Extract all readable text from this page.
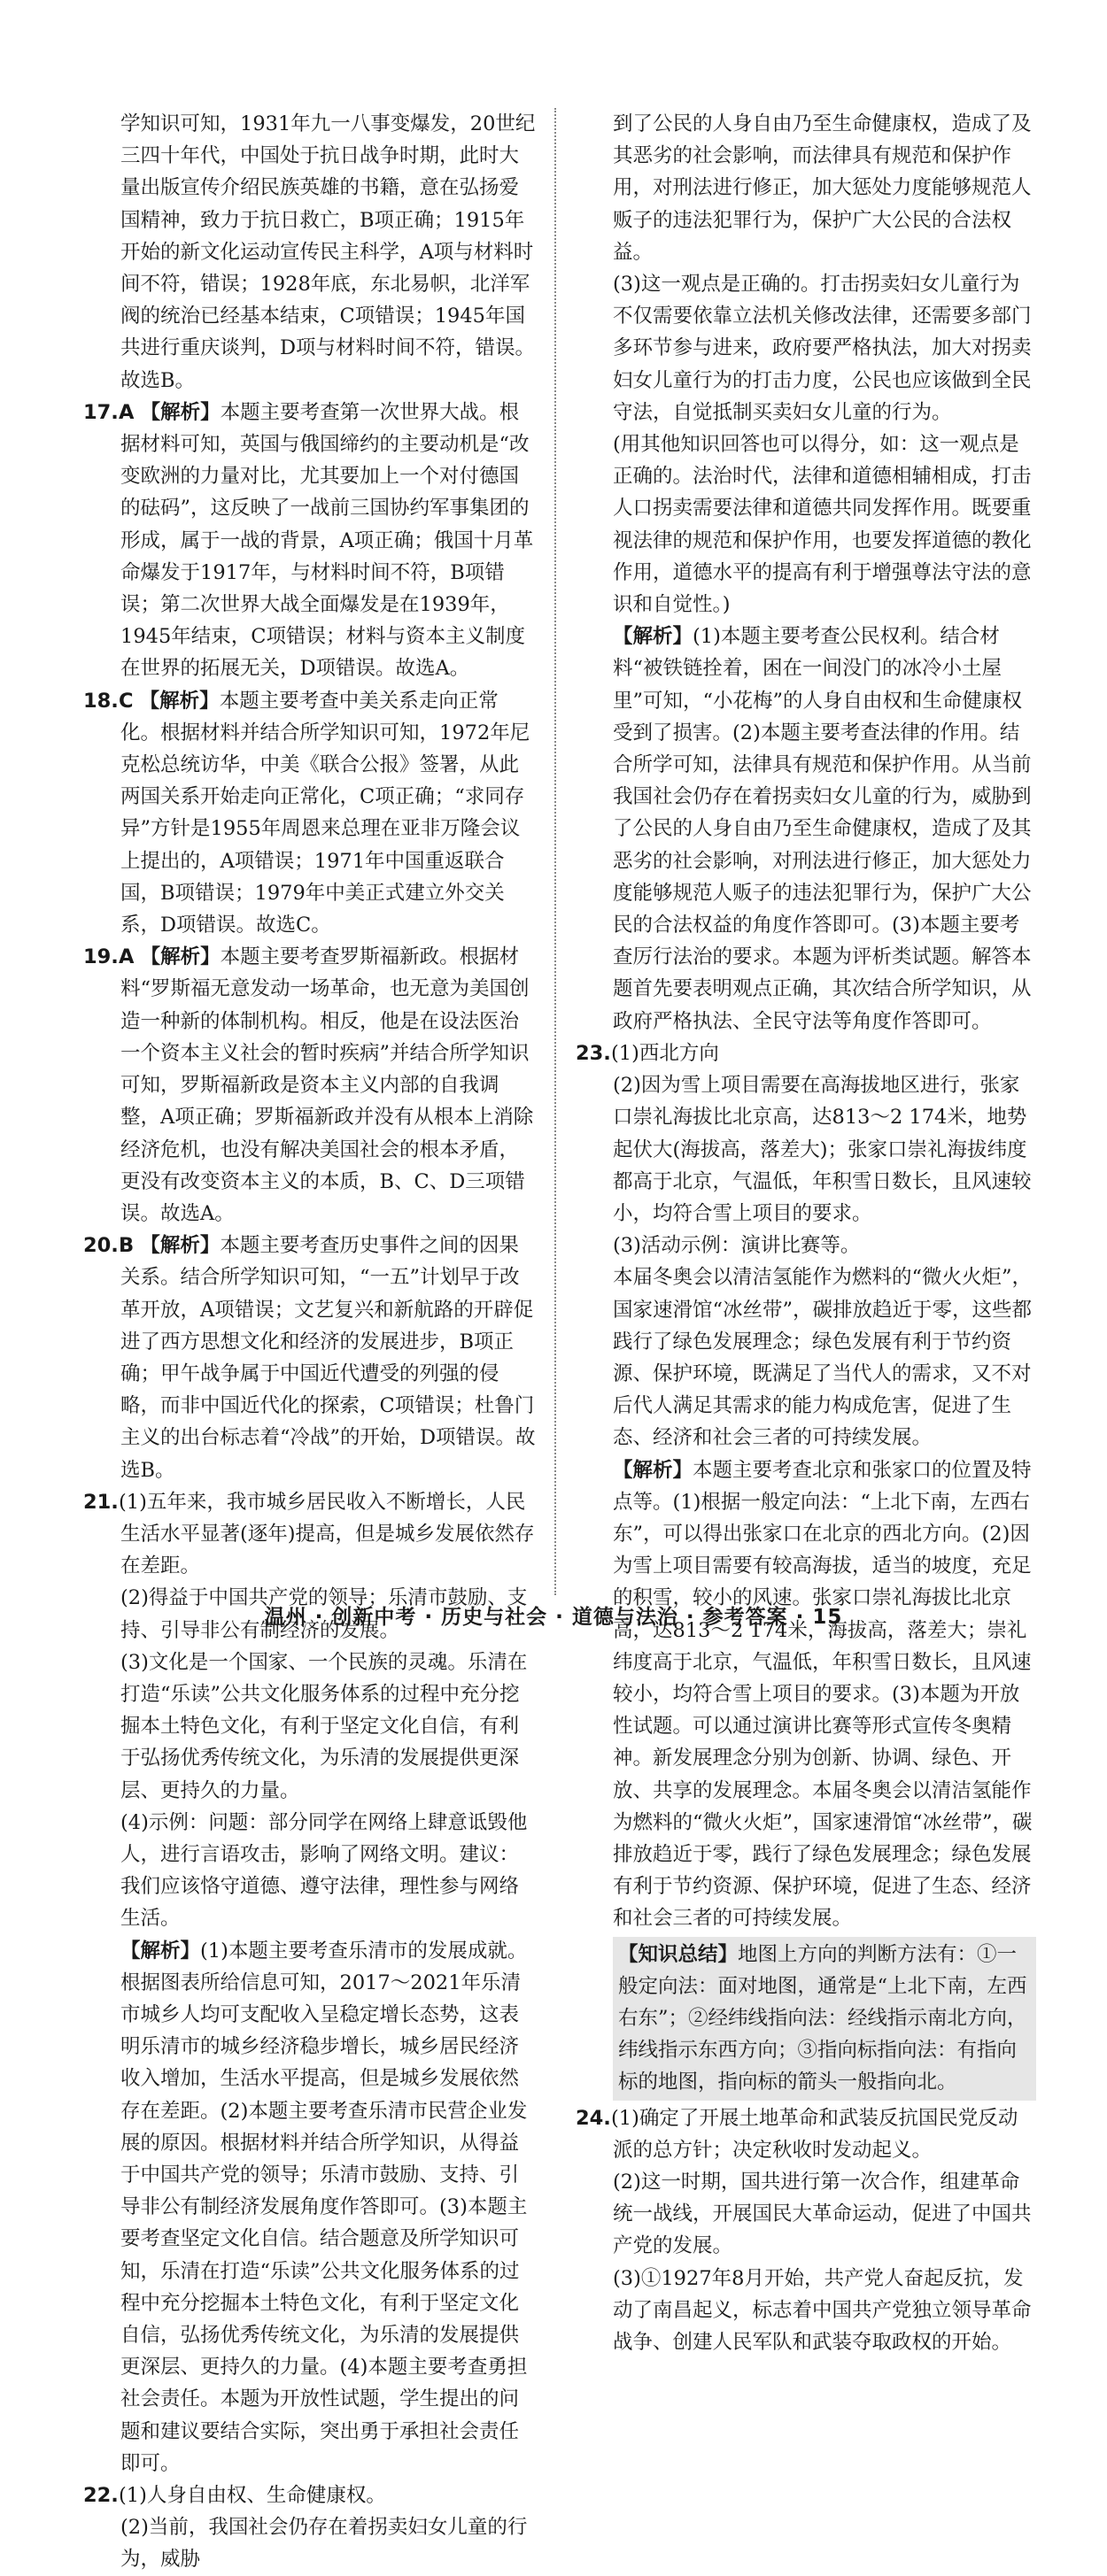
学知识可知，1931年九一八事变爆发，20世纪三四十年代，中国处于抗日战争时期，此时大量出版宣传介绍民族英雄的书籍，意在弘扬爱国精神，致力于抗日救亡，B项正确；1915年开始的新文化运动宣传民主科学，A项与材料时间不符，错误；1928年底，东北易帜，北洋军阀的统治已经基本结束，C项错误；1945年国共进行重庆谈判，D项与材料时间不符，错误。故选B。

17.A 【解析】本题主要考查第一次世界大战。根据材料可知，英国与俄国缔约的主要动机是“改变欧洲的力量对比，尤其要加上一个对付德国的砝码”，这反映了一战前三国协约军事集团的形成，属于一战的背景，A项正确；俄国十月革命爆发于1917年，与材料时间不符，B项错误；第二次世界大战全面爆发是在1939年，1945年结束，C项错误；材料与资本主义制度在世界的拓展无关，D项错误。故选A。

18.C 【解析】本题主要考查中美关系走向正常化。根据材料并结合所学知识可知，1972年尼克松总统访华，中美《联合公报》签署，从此两国关系开始走向正常化，C项正确；“求同存异”方针是1955年周恩来总理在亚非万隆会议上提出的，A项错误；1971年中国重返联合国，B项错误；1979年中美正式建立外交关系，D项错误。故选C。

19.A 【解析】本题主要考查罗斯福新政。根据材料“罗斯福无意发动一场革命，也无意为美国创造一种新的体制机构。相反，他是在设法医治一个资本主义社会的暂时疾病”并结合所学知识可知，罗斯福新政是资本主义内部的自我调整，A项正确；罗斯福新政并没有从根本上消除经济危机，也没有解决美国社会的根本矛盾，更没有改变资本主义的本质，B、C、D三项错误。故选A。

20.B 【解析】本题主要考查历史事件之间的因果关系。结合所学知识可知，“一五”计划早于改革开放，A项错误；文艺复兴和新航路的开辟促进了西方思想文化和经济的发展进步，B项正确；甲午战争属于中国近代遭受的列强的侵略，而非中国近代化的探索，C项错误；杜鲁门主义的出台标志着“冷战”的开始，D项错误。故选B。

21.(1)五年来，我市城乡居民收入不断增长，人民生活水平显著(逐年)提高，但是城乡发展依然存在差距。

(2)得益于中国共产党的领导；乐清市鼓励、支持、引导非公有制经济的发展。

(3)文化是一个国家、一个民族的灵魂。乐清在打造“乐读”公共文化服务体系的过程中充分挖掘本土特色文化，有利于坚定文化自信，有利于弘扬优秀传统文化，为乐清的发展提供更深层、更持久的力量。

(4)示例：问题：部分同学在网络上肆意诋毁他人，进行言语攻击，影响了网络文明。建议：我们应该恪守道德、遵守法律，理性参与网络生活。

【解析】(1)本题主要考查乐清市的发展成就。根据图表所给信息可知，2017～2021年乐清市城乡人均可支配收入呈稳定增长态势，这表明乐清市的城乡经济稳步增长，城乡居民经济收入增加，生活水平提高，但是城乡发展依然存在差距。(2)本题主要考查乐清市民营企业发展的原因。根据材料并结合所学知识，从得益于中国共产党的领导；乐清市鼓励、支持、引导非公有制经济发展角度作答即可。(3)本题主要考查坚定文化自信。结合题意及所学知识可知，乐清在打造“乐读”公共文化服务体系的过程中充分挖掘本土特色文化，有利于坚定文化自信，弘扬优秀传统文化，为乐清的发展提供更深层、更持久的力量。(4)本题主要考查勇担社会责任。本题为开放性试题，学生提出的问题和建议要结合实际，突出勇于承担社会责任即可。

22.(1)人身自由权、生命健康权。

(2)当前，我国社会仍存在着拐卖妇女儿童的行为，威胁

到了公民的人身自由乃至生命健康权，造成了及其恶劣的社会影响，而法律具有规范和保护作用，对刑法进行修正，加大惩处力度能够规范人贩子的违法犯罪行为，保护广大公民的合法权益。

(3)这一观点是正确的。打击拐卖妇女儿童行为不仅需要依靠立法机关修改法律，还需要多部门多环节参与进来，政府要严格执法，加大对拐卖妇女儿童行为的打击力度，公民也应该做到全民守法，自觉抵制买卖妇女儿童的行为。

(用其他知识回答也可以得分，如：这一观点是正确的。法治时代，法律和道德相辅相成，打击人口拐卖需要法律和道德共同发挥作用。既要重视法律的规范和保护作用，也要发挥道德的教化作用，道德水平的提高有利于增强尊法守法的意识和自觉性。)

【解析】(1)本题主要考查公民权利。结合材料“被铁链拴着，困在一间没门的冰冷小土屋里”可知，“小花梅”的人身自由权和生命健康权受到了损害。(2)本题主要考查法律的作用。结合所学可知，法律具有规范和保护作用。从当前我国社会仍存在着拐卖妇女儿童的行为，威胁到了公民的人身自由乃至生命健康权，造成了及其恶劣的社会影响，对刑法进行修正，加大惩处力度能够规范人贩子的违法犯罪行为，保护广大公民的合法权益的角度作答即可。(3)本题主要考查厉行法治的要求。本题为评析类试题。解答本题首先要表明观点正确，其次结合所学知识，从政府严格执法、全民守法等角度作答即可。

23.(1)西北方向

(2)因为雪上项目需要在高海拔地区进行，张家口崇礼海拔比北京高，达813～2 174米，地势起伏大(海拔高，落差大)；张家口崇礼海拔纬度都高于北京，气温低，年积雪日数长，且风速较小，均符合雪上项目的要求。

(3)活动示例：演讲比赛等。

本届冬奥会以清洁氢能作为燃料的“微火火炬”，国家速滑馆“冰丝带”，碳排放趋近于零，这些都践行了绿色发展理念；绿色发展有利于节约资源、保护环境，既满足了当代人的需求，又不对后代人满足其需求的能力构成危害，促进了生态、经济和社会三者的可持续发展。

【解析】本题主要考查北京和张家口的位置及特点等。(1)根据一般定向法：“上北下南，左西右东”，可以得出张家口在北京的西北方向。(2)因为雪上项目需要有较高海拔，适当的坡度，充足的积雪，较小的风速。张家口崇礼海拔比北京高，达813～2 174米，海拔高，落差大；崇礼纬度高于北京，气温低，年积雪日数长，且风速较小，均符合雪上项目的要求。(3)本题为开放性试题。可以通过演讲比赛等形式宣传冬奥精神。新发展理念分别为创新、协调、绿色、开放、共享的发展理念。本届冬奥会以清洁氢能作为燃料的“微火火炬”，国家速滑馆“冰丝带”，碳排放趋近于零，践行了绿色发展理念；绿色发展有利于节约资源、保护环境，促进了生态、经济和社会三者的可持续发展。

【知识总结】地图上方向的判断方法有：①一般定向法：面对地图，通常是“上北下南，左西右东”；②经纬线指向法：经线指示南北方向，纬线指示东西方向；③指向标指向法：有指向标的地图，指向标的箭头一般指向北。

24.(1)确定了开展土地革命和武装反抗国民党反动派的总方针；决定秋收时发动起义。

(2)这一时期，国共进行第一次合作，组建革命统一战线，开展国民大革命运动，促进了中国共产党的发展。

(3)①1927年8月开始，共产党人奋起反抗，发动了南昌起义，标志着中国共产党独立领导革命战争、创建人民军队和武装夺取政权的开始。

温州 · 创新中考 · 历史与社会 · 道德与法治 · 参考答案 · 15
